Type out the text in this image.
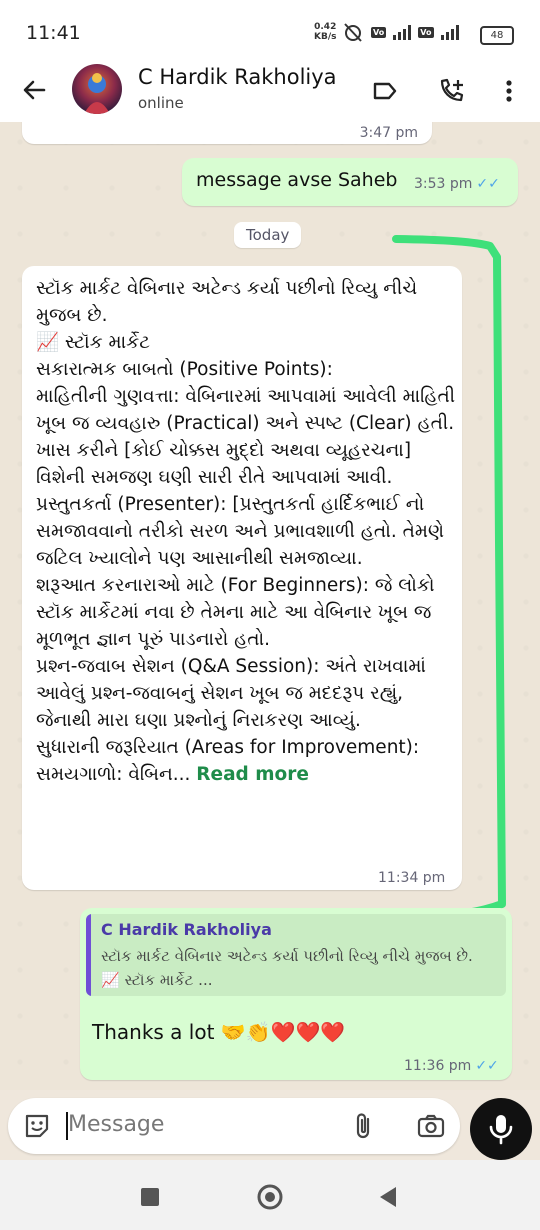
11:41	0.42
KB/s	Vo	Vo	48
C Hardik Rakholiya
online
3:47 pm
message avse Saheb 3:53 pm ✓✓
Today
સ્ટૉક માર્કટ વેબિનાર અટેન્ડ કર્યા પછીનો રિવ્યુ નીચે મુજબ છે.
📈 સ્ટૉક માર્કેટ
સકારાત્મક બાબતો (Positive Points):
માહિતીની ગુણવત્તા: વેબિનારમાં આપવામાં આવેલી માહિતી ખૂબ જ વ્યવહારુ (Practical) અને સ્પષ્ટ (Clear) હતી. ખાસ કરીને [કોઈ ચોક્કસ મુદ્દો અથવા વ્યૂહરચના] વિશેની સમજણ ઘણી સારી રીતે આપવામાં આવી.
પ્રસ્તુતકર્તા (Presenter): [પ્રસ્તુતકર્તા હાર્દિકભાઈ નો સમજાવવાનો તરીકો સરળ અને પ્રભાવશાળી હતો. તેમણે જટિલ ખ્યાલોને પણ આસાનીથી સમજાવ્યા.
શરૂઆત કરનારાઓ માટે (For Beginners): જે લોકો સ્ટૉક માર્કેટમાં નવા છે તેમના માટે આ વેબિનાર ખૂબ જ મૂળભૂત જ્ઞાન પૂરું પાડનારો હતો.
પ્રશ્ન-જવાબ સેશન (Q&A Session): અંતે રાખવામાં આવેલું પ્રશ્ન-જવાબનું સેશન ખૂબ જ મદદરૂપ રહ્યું, જેનાથી મારા ઘણા પ્રશ્નોનું નિરાકરણ આવ્યું.
સુધારાની જરૂરિયાત (Areas for Improvement):
સમયગાળો: વેબિન... Read more
11:34 pm
C Hardik Rakholiya
સ્ટૉક માર્કટ વેબિનાર અટેન્ડ કર્યા પછીનો રિવ્યુ નીચે મુજબ છે.
📈 સ્ટૉક માર્કેટ ...
Thanks a lot 🤝👏❤️❤️❤️
11:36 pm ✓✓
Message
